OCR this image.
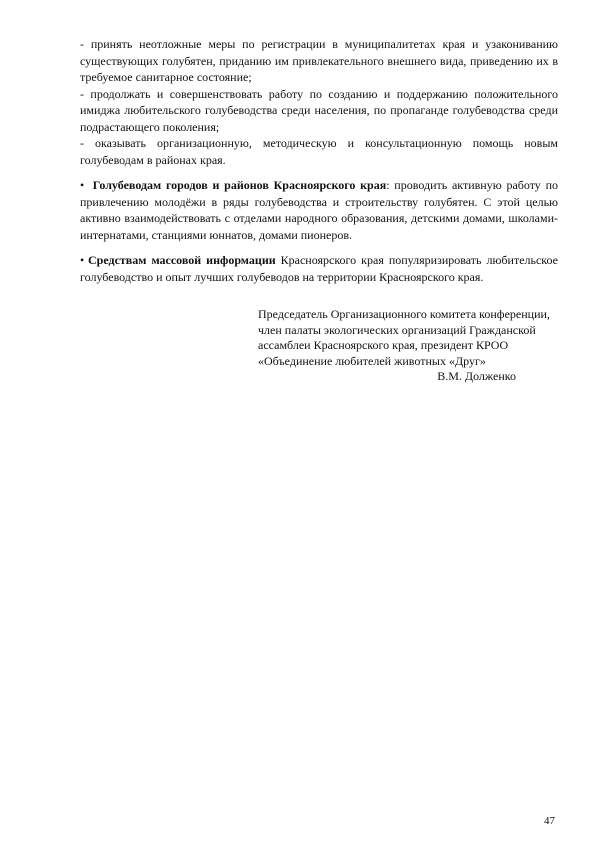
- принять неотложные меры по регистрации в муниципалитетах края и узакониванию существующих голубятен, приданию им привлекательного внешнего вида, приведению их в требуемое санитарное состояние;

- продолжать и совершенствовать работу по созданию и поддержанию положительного имиджа любительского голубеводства среди населения, по пропаганде голубеводства среди подрастающего поколения;

- оказывать организационную, методическую и консультационную помощь новым голубеводам в районах края.

• Голубеводам городов и районов Красноярского края: проводить активную работу по привлечению молодёжи в ряды голубеводства и строительству голубятен. С этой целью активно взаимодействовать с отделами народного образования, детскими домами, школами-интернатами, станциями юннатов, домами пионеров.

• Средствам массовой информации Красноярского края популяризировать любительское голубеводство и опыт лучших голубеводов на территории Красноярского края.

Председатель Организационного комитета конференции,
член палаты экологических организаций Гражданской
ассамблеи Красноярского края, президент КРОО
«Объединение любителей животных «Друг»
В.М. Долженко
47
